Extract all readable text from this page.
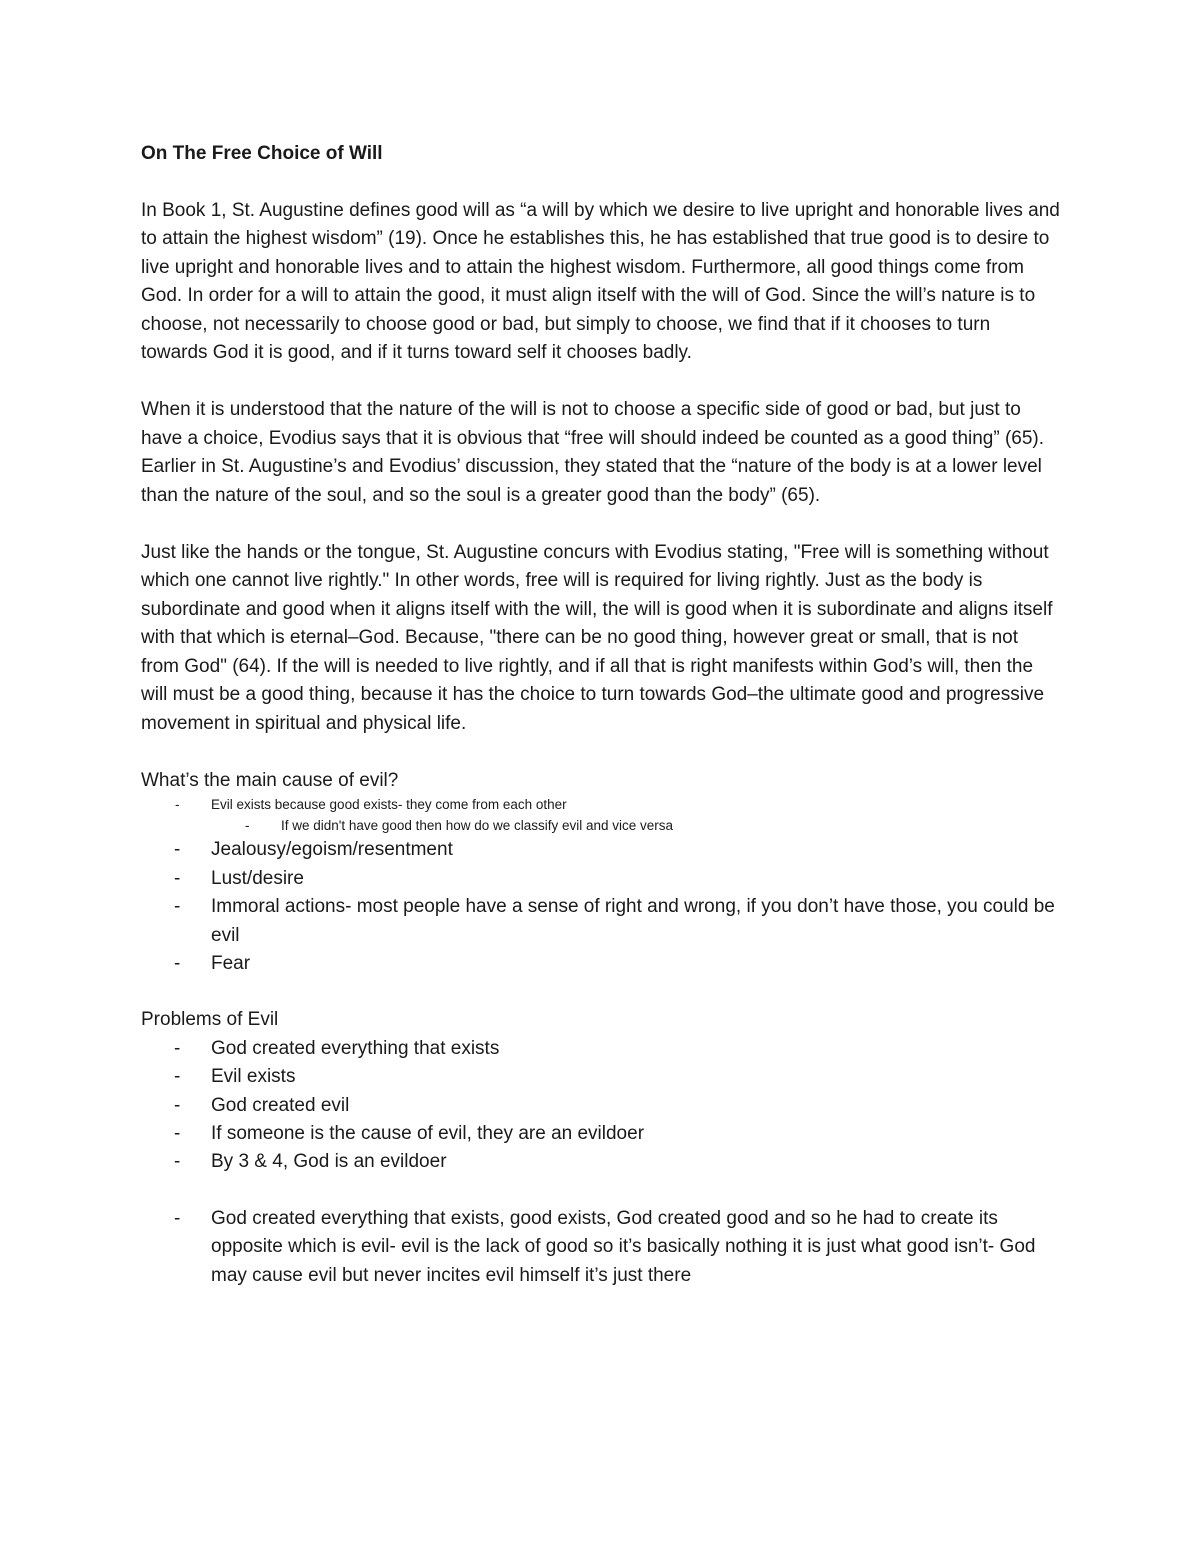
On The Free Choice of Will

In Book 1, St. Augustine defines good will as “a will by which we desire to live upright and honorable lives and to attain the highest wisdom” (19). Once he establishes this, he has established that true good is to desire to live upright and honorable lives and to attain the highest wisdom. Furthermore, all good things come from God. In order for a will to attain the good, it must align itself with the will of God. Since the will’s nature is to choose, not necessarily to choose good or bad, but simply to choose, we find that if it chooses to turn towards God it is good, and if it turns toward self it chooses badly.

When it is understood that the nature of the will is not to choose a specific side of good or bad, but just to have a choice, Evodius says that it is obvious that “free will should indeed be counted as a good thing” (65). Earlier in St. Augustine’s and Evodius’ discussion, they stated that the “nature of the body is at a lower level than the nature of the soul, and so the soul is a greater good than the body” (65).

Just like the hands or the tongue, St. Augustine concurs with Evodius stating, "Free will is something without which one cannot live rightly." In other words, free will is required for living rightly. Just as the body is subordinate and good when it aligns itself with the will, the will is good when it is subordinate and aligns itself with that which is eternal–God. Because, "there can be no good thing, however great or small, that is not from God" (64). If the will is needed to live rightly, and if all that is right manifests within God’s will, then the will must be a good thing, because it has the choice to turn towards God–the ultimate good and progressive movement in spiritual and physical life.

What’s the main cause of evil?
- Evil exists because good exists- they come from each other
- If we didn't have good then how do we classify evil and vice versa
- Jealousy/egoism/resentment
- Lust/desire
- Immoral actions- most people have a sense of right and wrong, if you don’t have those, you could be evil
- Fear
Problems of Evil
- God created everything that exists
- Evil exists
- God created evil
- If someone is the cause of evil, they are an evildoer
- By 3 & 4, God is an evildoer
- God created everything that exists, good exists, God created good and so he had to create its opposite which is evil- evil is the lack of good so it’s basically nothing it is just what good isn’t- God may cause evil but never incites evil himself it’s just there
